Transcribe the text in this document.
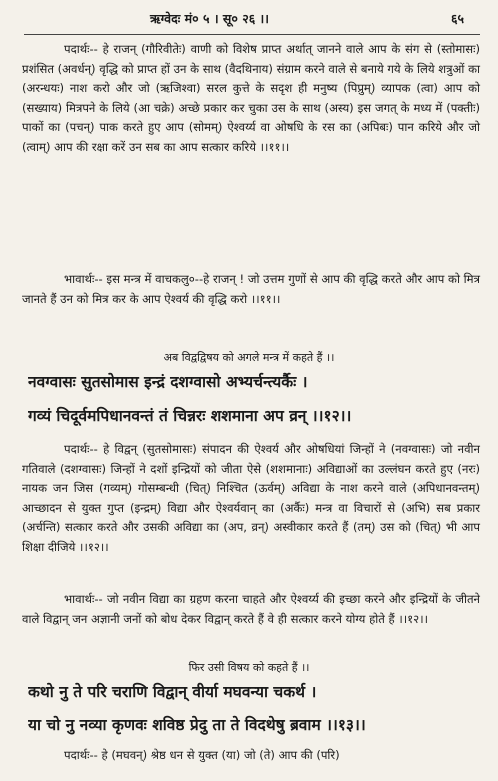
ऋग्वेदः मं० ५ । सू० २६ ।।	६५

पदार्थः-- हे राजन् (गौरिवीतेः) वाणी को विशेष प्राप्त अर्थात् जानने वाले आप के संग से (स्तोमासः) प्रशंसित (अवर्धन्) वृद्धि को प्राप्त हों उन के साथ (वैदथिनाय) संग्राम करने वाले से बनाये गये के लिये शत्रुओं का (अरन्धयः) नाश करो और जो (ऋजिश्वा) सरल कुत्ते के सदृश ही मनुष्य (पिप्रुम्) व्यापक (त्वा) आप को (सख्याय) मित्रपने के लिये (आ चक्रे) अच्छे प्रकार कर चुका उस के साथ (अस्य) इस जगत् के मध्य में (पक्तीः) पाकों का (पचन्) पाक करते हुए आप (सोमम्) ऐश्वर्य्य वा ओषधि के रस का (अपिबः) पान करिये और जो (त्वाम्) आप की रक्षा करें उन सब का आप सत्कार करिये ।।११।।

भावार्थः-- इस मन्त्र में वाचकलु०--हे राजन् ! जो उत्तम गुणों से आप की वृद्धि करते और आप को मित्र जानते हैं उन को मित्र कर के आप ऐश्वर्य की वृद्धि करो ।।११।।

अब विद्वद्विषय को अगले मन्त्र में कहते हैं ।।
नवग्वासः सुतसोमास इन्द्रं दशग्वासो अभ्यर्चन्त्यर्कैः ।
गव्यं चिदूर्वमपिधानवन्तं तं चिन्नरः शशमाना अप व्रन् ।।१२।।

पदार्थः-- हे विद्वन् (सुतसोमासः) संपादन की ऐश्वर्य और ओषधियां जिन्हों ने (नवग्वासः) जो नवीन गतिवाले (दशग्वासः) जिन्हों ने दशों इन्द्रियों को जीता ऐसे (शशमानाः) अविद्याओं का उल्लंघन करते हुए (नरः) नायक जन जिस (गव्यम्) गोसम्बन्धी (चित्) निश्चित (ऊर्वम्) अविद्या के नाश करने वाले (अपिधानवन्तम्) आच्छादन से युक्त गुप्त (इन्द्रम्) विद्या और ऐश्वर्यवान् का (अर्कैः) मन्त्र वा विचारों से (अभि) सब प्रकार (अर्चन्ति) सत्कार करते और उसकी अविद्या का (अप, व्रन्) अस्वीकार करते हैं (तम्) उस को (चित्) भी आप शिक्षा दीजिये ।।१२।।

भावार्थः-- जो नवीन विद्या का ग्रहण करना चाहते और ऐश्वर्य्य की इच्छा करने और इन्द्रियों के जीतने वाले विद्वान् जन अज्ञानी जनों को बोध देकर विद्वान् करते हैं वे ही सत्कार करने योग्य होते हैं ।।१२।।

फिर उसी विषय को कहते हैं ।।
कथो नु ते परि चराणि विद्वान् वीर्या मघवन्या चकर्थ ।
या चो नु नव्या कृणवः शविष्ठ प्रेदु ता ते विदथेषु ब्रवाम ।।१३।।

पदार्थः-- हे (मघवन्) श्रेष्ठ धन से युक्त (या) जो (ते) आप की (परि)
